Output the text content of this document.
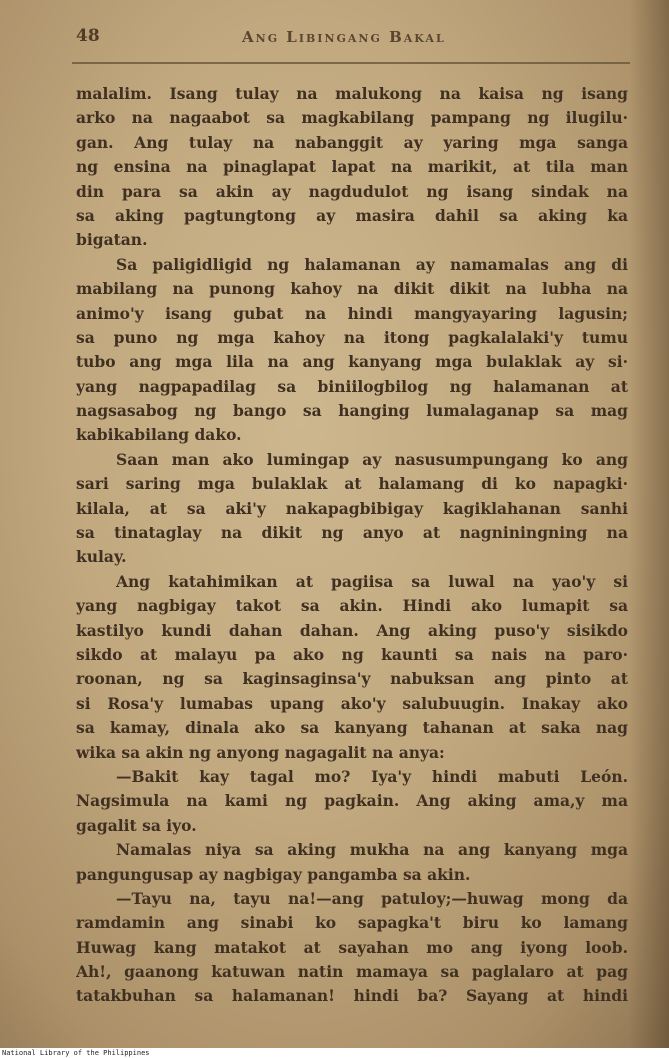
48	Ang Libingang Bakal
malalim. Isang tulay na malukong na kaisa ng isang
arko na nagaabot sa magkabilang pampang ng ilugilu·
gan. Ang tulay na nabanggit ay yaring mga sanga
ng ensina na pinaglapat lapat na marikit, at tila man
din para sa akin ay nagdudulot ng isang sindak na
sa aking pagtungtong ay masira dahil sa aking ka
bigatan.
Sa paligidligid ng halamanan ay namamalas ang di
mabilang na punong kahoy na dikit dikit na lubha na
animo'y isang gubat na hindi mangyayaring lagusin;
sa puno ng mga kahoy na itong pagkalalaki'y tumu
tubo ang mga lila na ang kanyang mga bulaklak ay si·
yang nagpapadilag sa biniilogbilog ng halamanan at
nagsasabog ng bango sa hanging lumalaganap sa mag
kabikabilang dako.
Saan man ako lumingap ay nasusumpungang ko ang
sari saring mga bulaklak at halamang di ko napagki·
kilala, at sa aki'y nakapagbibigay kagiklahanan sanhi
sa tinataglay na dikit ng anyo at nagniningning na
kulay.
Ang katahimikan at pagiisa sa luwal na yao'y si
yang nagbigay takot sa akin. Hindi ako lumapit sa
kastilyo kundi dahan dahan. Ang aking puso'y sisikdo
sikdo at malayu pa ako ng kaunti sa nais na paro·
roonan, ng sa kaginsaginsa'y nabuksan ang pinto at
si Rosa'y lumabas upang ako'y salubuugin. Inakay ako
sa kamay, dinala ako sa kanyang tahanan at saka nag
wika sa akin ng anyong nagagalit na anya:
—Bakit kay tagal mo? Iya'y hindi mabuti León.
Nagsimula na kami ng pagkain. Ang aking ama,y ma
gagalit sa iyo.
Namalas niya sa aking mukha na ang kanyang mga
pangungusap ay nagbigay pangamba sa akin.
—Tayu na, tayu na!—ang patuloy;—huwag mong da
ramdamin ang sinabi ko sapagka't biru ko lamang
Huwag kang matakot at sayahan mo ang iyong loob.
Ah!, gaanong katuwan natin mamaya sa paglalaro at pag
tatakbuhan sa halamanan! hindi ba? Sayang at hindi
National Library of the Philippines
